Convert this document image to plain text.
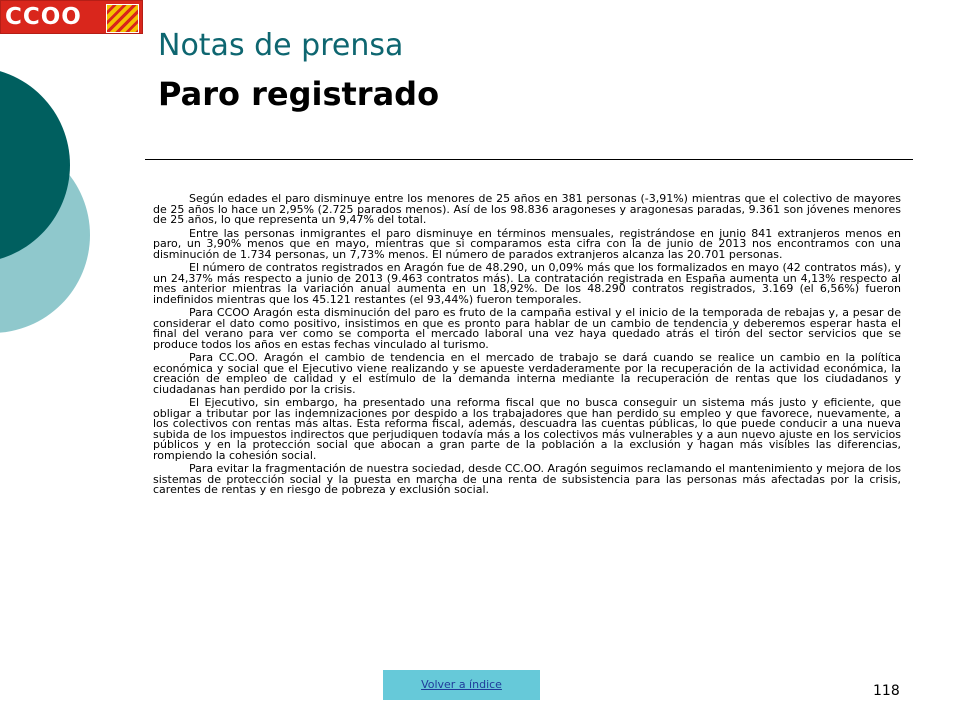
CCOO
Notas de prensa
Paro registrado

Según edades el paro disminuye entre los menores de 25 años en 381 personas (-3,91%) mientras que el colectivo de mayores de 25 años lo hace un 2,95% (2.725 parados menos). Así de los 98.836 aragoneses y aragonesas paradas, 9.361 son jóvenes menores de 25 años, lo que representa un 9,47% del total.

Entre las personas inmigrantes el paro disminuye en términos mensuales, registrándose en junio 841 extranjeros menos en paro, un 3,90% menos que en mayo, mientras que si comparamos esta cifra con la de junio de 2013 nos encontramos con una disminución de 1.734 personas, un 7,73% menos. El número de parados extranjeros alcanza las 20.701 personas.

El número de contratos registrados en Aragón fue de 48.290, un 0,09% más que los formalizados en mayo (42 contratos más), y un 24,37% más respecto a junio de 2013 (9.463 contratos más). La contratación registrada en España aumenta un 4,13% respecto al mes anterior mientras la variación anual aumenta en un 18,92%. De los 48.290 contratos registrados, 3.169 (el 6,56%) fueron indefinidos mientras que los 45.121 restantes (el 93,44%) fueron temporales.

Para CCOO Aragón esta disminución del paro es fruto de la campaña estival y el inicio de la temporada de rebajas y, a pesar de considerar el dato como positivo, insistimos en que es pronto para hablar de un cambio de tendencia y deberemos esperar hasta el final del verano para ver como se comporta el mercado laboral una vez haya quedado atrás el tirón del sector servicios que se produce todos los años en estas fechas vinculado al turismo.

Para CC.OO. Aragón el cambio de tendencia en el mercado de trabajo se dará cuando se realice un cambio en la política económica y social que el Ejecutivo viene realizando y se apueste verdaderamente por la recuperación de la actividad económica, la creación de empleo de calidad y el estímulo de la demanda interna mediante la recuperación de rentas que los ciudadanos y ciudadanas han perdido por la crisis.

El Ejecutivo, sin embargo, ha presentado una reforma fiscal que no busca conseguir un sistema más justo y eficiente, que obligar a tributar por las indemnizaciones por despido a los trabajadores que han perdido su empleo y que favorece, nuevamente, a los colectivos con rentas más altas. Esta reforma fiscal, además, descuadra las cuentas públicas, lo que puede conducir a una nueva subida de los impuestos indirectos que perjudiquen todavía más a los colectivos más vulnerables y a aun nuevo ajuste en los servicios públicos y en la protección social que abocan a gran parte de la población a la exclusión y hagan más visibles las diferencias, rompiendo la cohesión social.

Para evitar la fragmentación de nuestra sociedad, desde CC.OO. Aragón seguimos reclamando el mantenimiento y mejora de los sistemas de protección social y la puesta en marcha de una renta de subsistencia para las personas más afectadas por la crisis, carentes de rentas y en riesgo de pobreza y exclusión social.

Volver a índice	118
